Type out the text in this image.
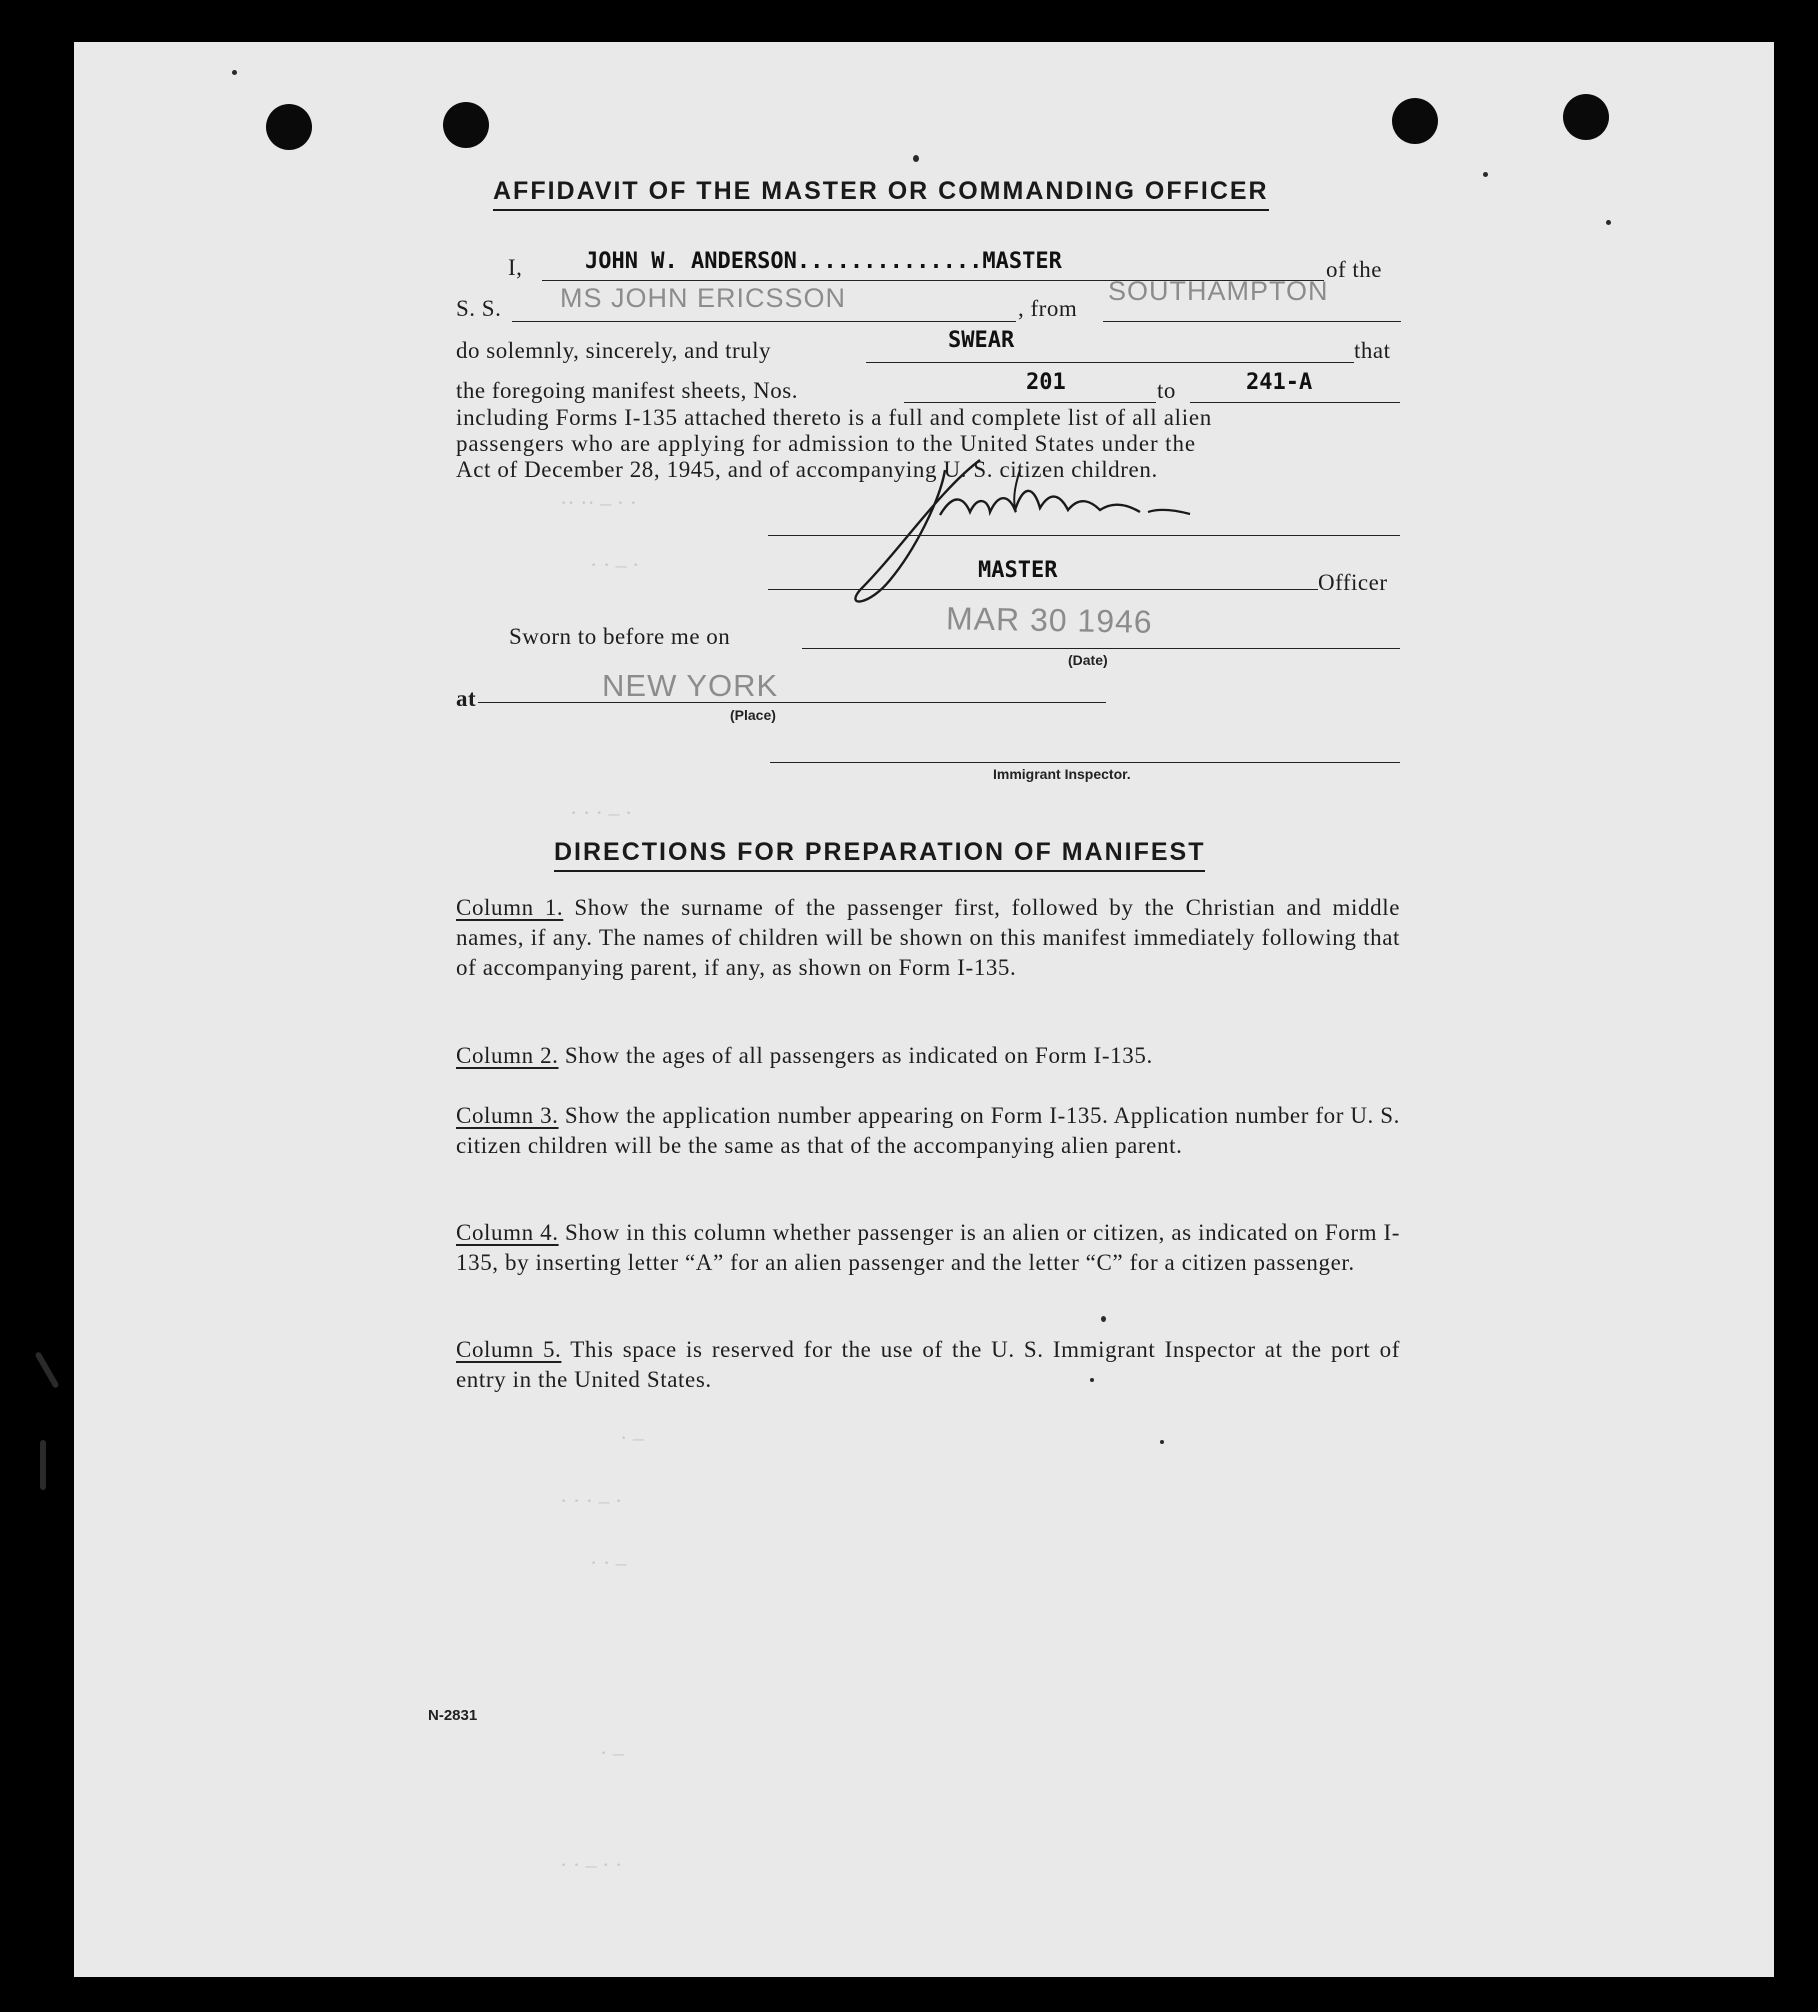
·· ·· – · ·
· · – ·
· · · – ·
· –
· · · – ·
· · –
· –
· · – · ·
AFFIDAVIT OF THE MASTER OR COMMANDING OFFICER
I,	JOHN W. ANDERSON..............MASTER	of the
S. S. MS JOHN ERICSSON	, from
SOUTHAMPTON
do solemnly, sincerely, and truly	SWEAR	that
the foregoing manifest sheets, Nos.	201	to	241-A
including Forms I-135 attached thereto is a full and complete list of all alien
passengers who are applying for admission to the United States under the
Act of December 28, 1945, and of accompanying U. S. citizen children.
MASTER	Officer
Sworn to before me on	MAR 30 1946
(Date)
at	NEW YORK
(Place)
Immigrant Inspector.
DIRECTIONS FOR PREPARATION OF MANIFEST
Column 1. Show the surname of the passenger first, followed by the Christian and middle names, if any. The names of children will be shown on this manifest immediately following that of accompanying parent, if any, as shown on Form I-135.
Column 2. Show the ages of all passengers as indicated on Form I-135.
Column 3. Show the application number appearing on Form I-135. Application number for U. S. citizen children will be the same as that of the accompanying alien parent.
Column 4. Show in this column whether passenger is an alien or citizen, as indicated on Form I-135, by inserting letter “A” for an alien passenger and the letter “C” for a citizen passenger.
Column 5. This space is reserved for the use of the U. S. Immigrant Inspector at the port of entry in the United States.
N-2831
